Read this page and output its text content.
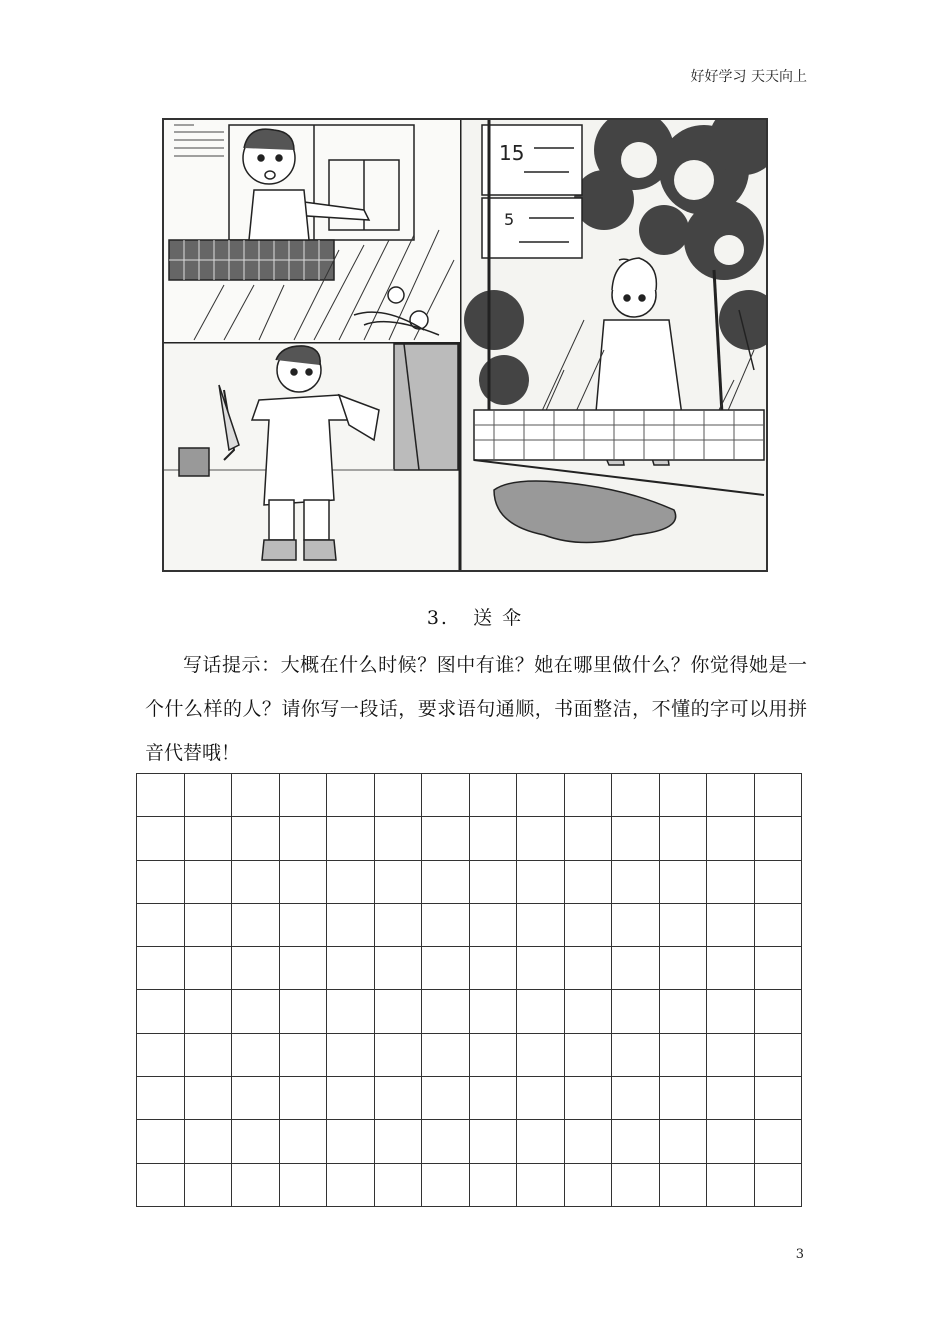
好好学习 天天向上
15
5
3. 送 伞
写话提示：大概在什么时候？图中有谁？她在哪里做什么？你觉得她是一个什么样的人？请你写一段话，要求语句通顺，书面整洁，不懂的字可以用拼音代替哦！

3
